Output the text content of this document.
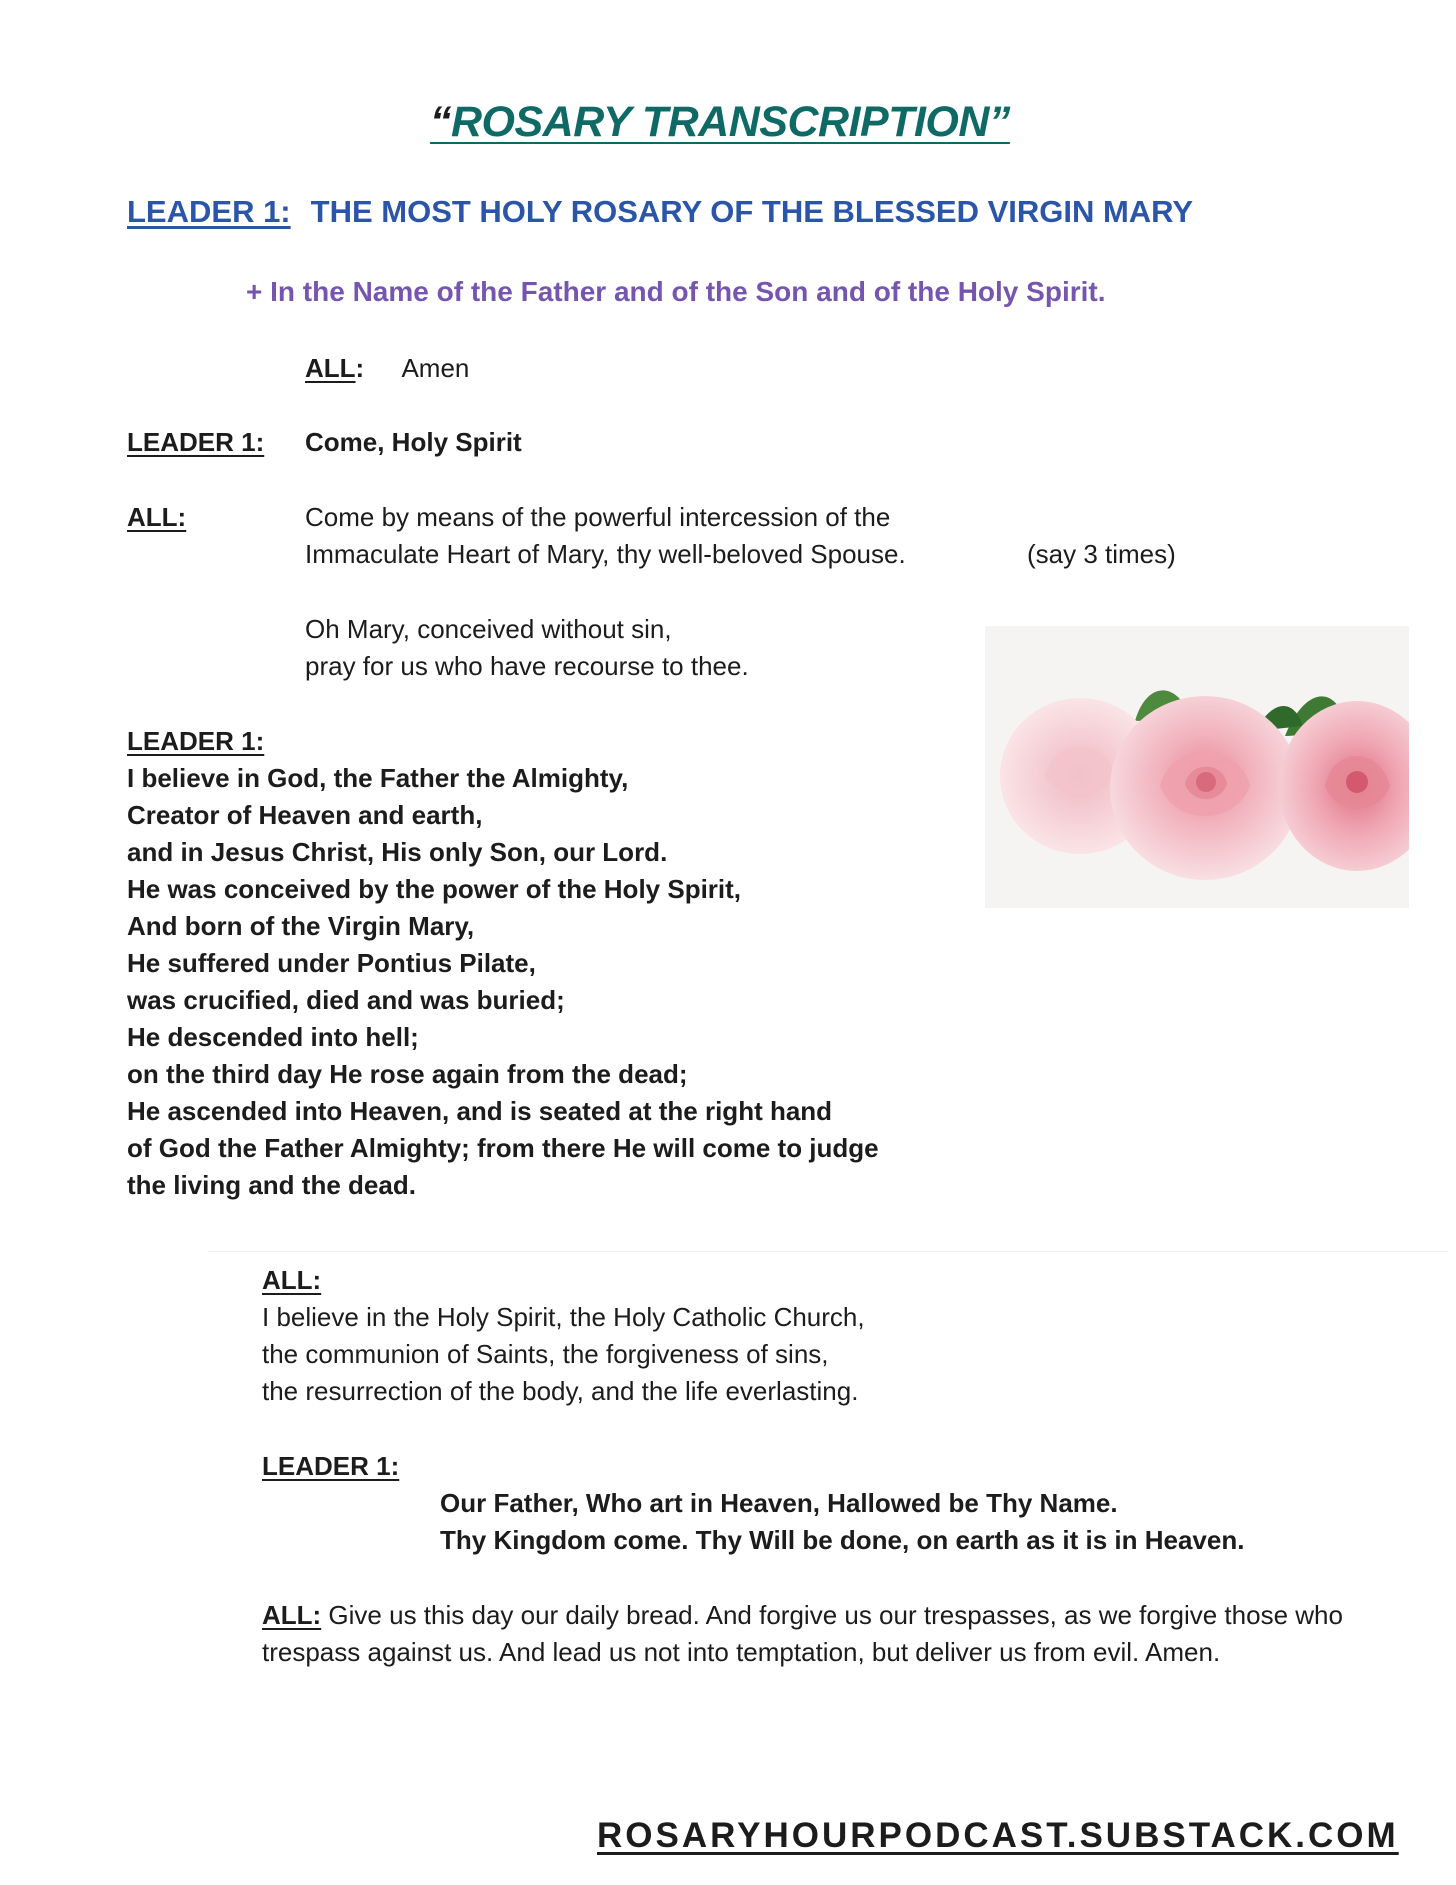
“ROSARY TRANSCRIPTION”
LEADER 1: THE MOST HOLY ROSARY OF THE BLESSED VIRGIN MARY
+ In the Name of the Father and of the Son and of the Holy Spirit.
ALL: Amen
LEADER 1: Come, Holy Spirit
ALL:	Come by means of the powerful intercession of the
Immaculate Heart of Mary, thy well-beloved Spouse.	(say 3 times)
Oh Mary, conceived without sin,
pray for us who have recourse to thee.
LEADER 1:
I believe in God, the Father the Almighty,
Creator of Heaven and earth,
and in Jesus Christ, His only Son, our Lord.
He was conceived by the power of the Holy Spirit,
And born of the Virgin Mary,
He suffered under Pontius Pilate,
was crucified, died and was buried;
He descended into hell;
on the third day He rose again from the dead;
He ascended into Heaven, and is seated at the right hand
of God the Father Almighty; from there He will come to judge
the living and the dead.
ALL:
I believe in the Holy Spirit, the Holy Catholic Church,
the communion of Saints, the forgiveness of sins,
the resurrection of the body, and the life everlasting.
LEADER 1:
Our Father, Who art in Heaven, Hallowed be Thy Name.
Thy Kingdom come. Thy Will be done, on earth as it is in Heaven.
ALL: Give us this day our daily bread. And forgive us our trespasses, as we forgive those who
trespass against us. And lead us not into temptation, but deliver us from evil. Amen.
ROSARYHOURPODCAST.SUBSTACK.COM
